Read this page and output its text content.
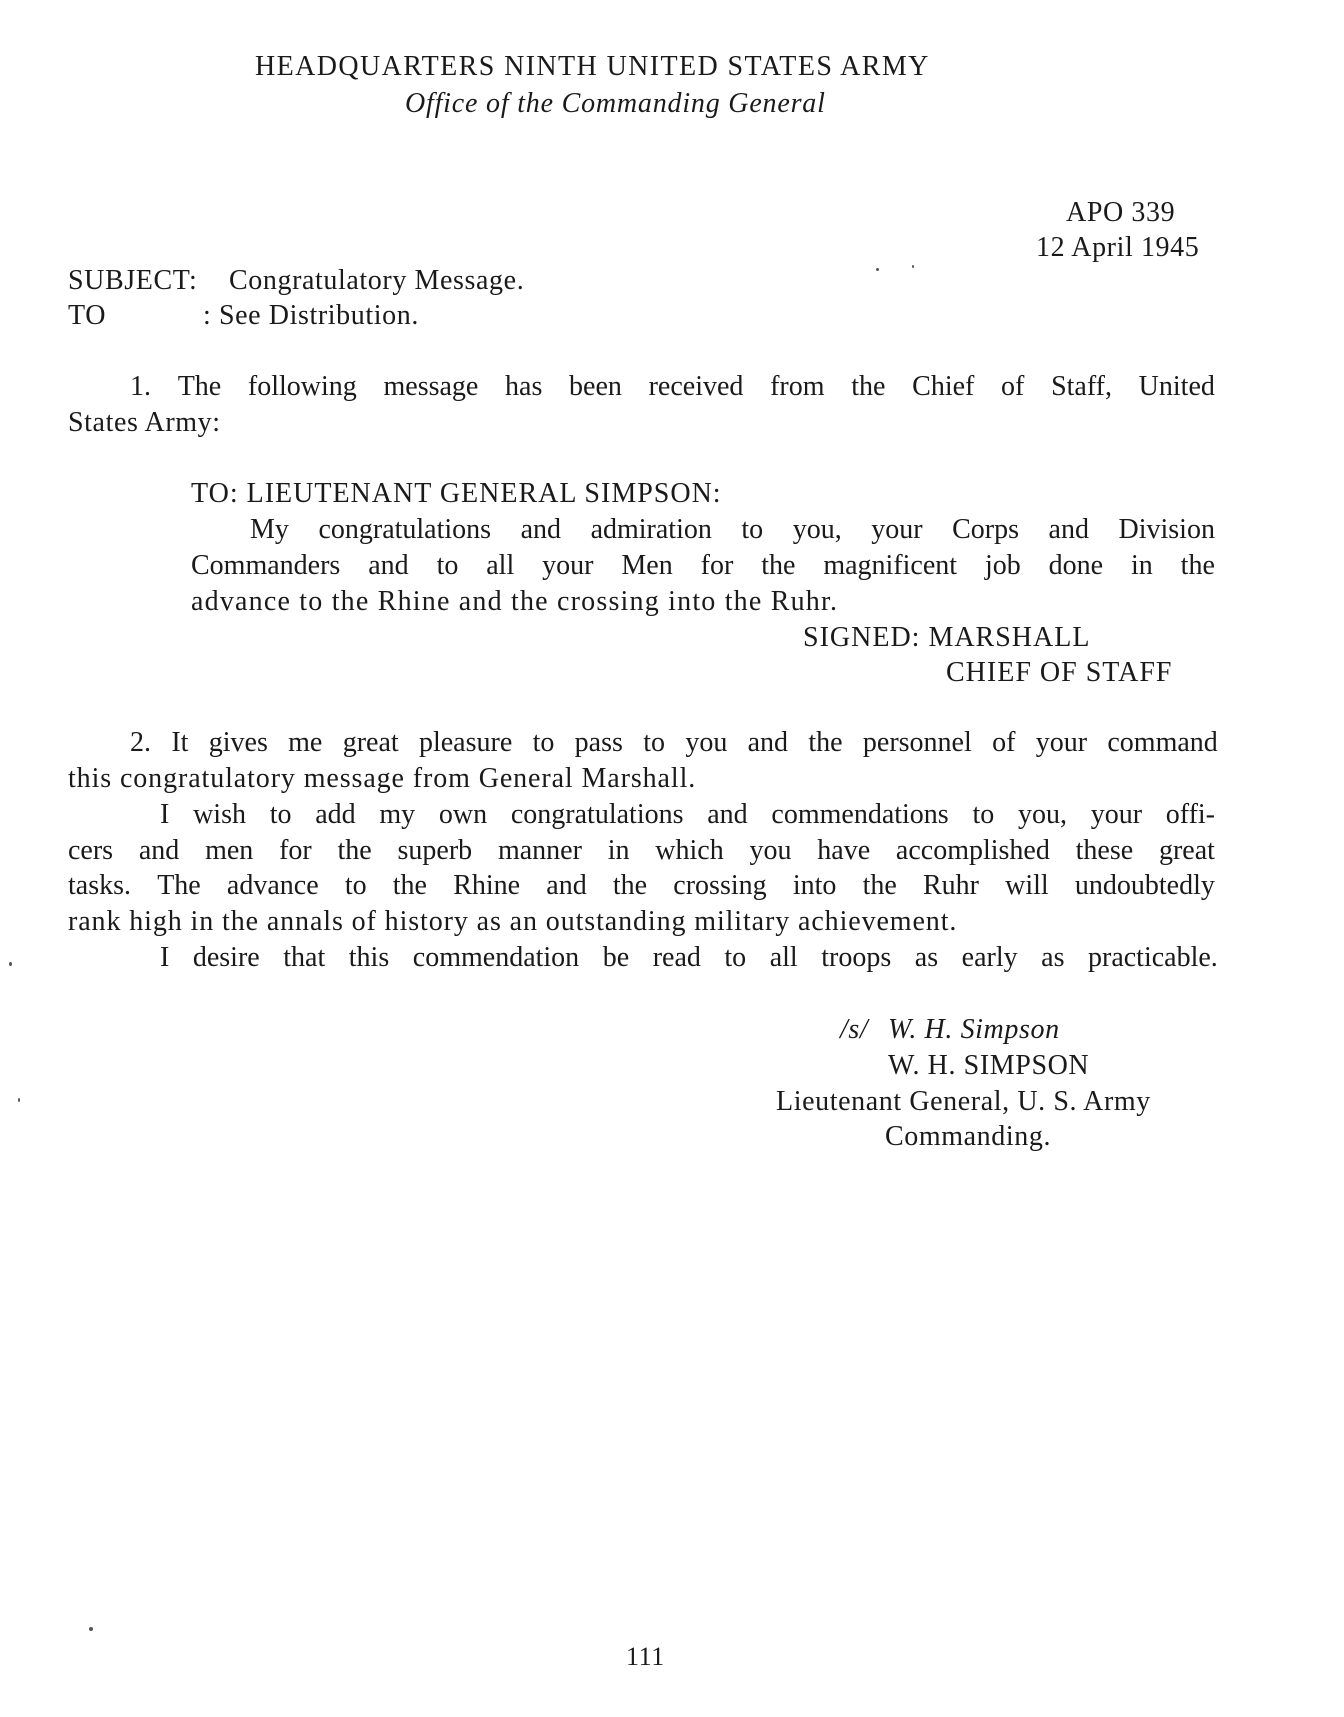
HEADQUARTERS NINTH UNITED STATES ARMY
Office of the Commanding General
APO 339
12 April 1945
SUBJECT: Congratulatory Message.
TO	: See Distribution.
1. The following message has been received from the Chief of Staff, United
States Army:
TO: LIEUTENANT GENERAL SIMPSON:
My congratulations and admiration to you, your Corps and Division
Commanders and to all your Men for the magnificent job done in the
advance to the Rhine and the crossing into the Ruhr.
SIGNED: MARSHALL
CHIEF OF STAFF
2. It gives me great pleasure to pass to you and the personnel of your command
this congratulatory message from General Marshall.
I wish to add my own congratulations and commendations to you, your offi-
cers and men for the superb manner in which you have accomplished these great
tasks. The advance to the Rhine and the crossing into the Ruhr will undoubtedly
rank high in the annals of history as an outstanding military achievement.
I desire that this commendation be read to all troops as early as practicable.
/s/ W. H. Simpson
W. H. SIMPSON
Lieutenant General, U. S. Army
Commanding.
111
